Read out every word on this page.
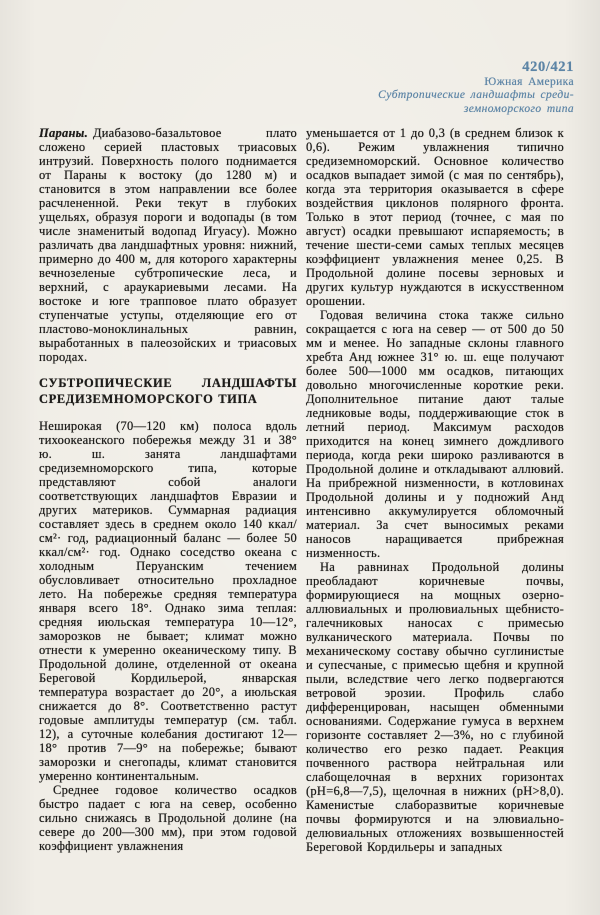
420/421
Южная Америка
Субтропические ландшафты среди-
земноморского типа

Параны. Диабазово-базальтовое плато сложено серией пластовых триасовых интрузий. Поверхность полого поднимается от Параны к востоку (до 1280 м) и становится в этом направлении все более расчлененной. Реки текут в глубоких ущельях, образуя пороги и водопады (в том числе знаменитый водопад Игуасу). Можно различать два ландшафтных уровня: нижний, примерно до 400 м, для которого характерны вечнозеленые субтропические леса, и верхний, с араукариевыми лесами. На востоке и юге трапповое плато образует ступенчатые уступы, отделяющие его от пластово-моноклинальных равнин, выработанных в палеозойских и триасовых породах.

СУБТРОПИЧЕСКИЕ ЛАНДШАФТЫ СРЕДИЗЕМНОМОРСКОГО ТИПА

Неширокая (70—120 км) полоса вдоль тихоокеанского побережья между 31 и 38° ю. ш. занята ландшафтами средиземноморского типа, которые представляют собой аналоги соответствующих ландшафтов Евразии и других материков. Суммарная радиация составляет здесь в среднем около 140 ккал/см²· год, радиационный баланс — более 50 ккал/см²· год. Однако соседство океана с холодным Перуанским течением обусловливает относительно прохладное лето. На побережье средняя температура января всего 18°. Однако зима теплая: средняя июльская температура 10—12°, заморозков не бывает; климат можно отнести к умеренно океаническому типу. В Продольной долине, отделенной от океана Береговой Кордильерой, январская температура возрастает до 20°, а июльская снижается до 8°. Соответственно растут годовые амплитуды температур (см. табл. 12), а суточные колебания достигают 12—18° против 7—9° на побережье; бывают заморозки и снегопады, климат становится умеренно континентальным.

Среднее годовое количество осадков быстро падает с юга на север, особенно сильно снижаясь в Продольной долине (на севере до 200—300 мм), при этом годовой коэффициент увлажнения

уменьшается от 1 до 0,3 (в среднем близок к 0,6). Режим увлажнения типично средиземноморский. Основное количество осадков выпадает зимой (с мая по сентябрь), когда эта территория оказывается в сфере воздействия циклонов полярного фронта. Только в этот период (точнее, с мая по август) осадки превышают испаряемость; в течение шести-семи самых теплых месяцев коэффициент увлажнения менее 0,25. В Продольной долине посевы зерновых и других культур нуждаются в искусственном орошении.

Годовая величина стока также сильно сокращается с юга на север — от 500 до 50 мм и менее. Но западные склоны главного хребта Анд южнее 31° ю. ш. еще получают более 500—1000 мм осадков, питающих довольно многочисленные короткие реки. Дополнительное питание дают талые ледниковые воды, поддерживающие сток в летний период. Максимум расходов приходится на конец зимнего дождливого периода, когда реки широко разливаются в Продольной долине и откладывают аллювий. На прибрежной низменности, в котловинах Продольной долины и у подножий Анд интенсивно аккумулируется обломочный материал. За счет выносимых реками наносов наращивается прибрежная низменность.

На равнинах Продольной долины преобладают коричневые почвы, формирующиеся на мощных озерно-аллювиальных и пролювиальных щебнисто-галечниковых наносах с примесью вулканического материала. Почвы по механическому составу обычно суглинистые и супесчаные, с примесью щебня и крупной пыли, вследствие чего легко подвергаются ветровой эрозии. Профиль слабо дифференцирован, насыщен обменными основаниями. Содержание гумуса в верхнем горизонте составляет 2—3%, но с глубиной количество его резко падает. Реакция почвенного раствора нейтральная или слабощелочная в верхних горизонтах (pH=6,8—7,5), щелочная в нижних (pH>8,0). Каменистые слаборазвитые коричневые почвы формируются и на элювиально-делювиальных отложениях возвышенностей Береговой Кордильеры и западных
